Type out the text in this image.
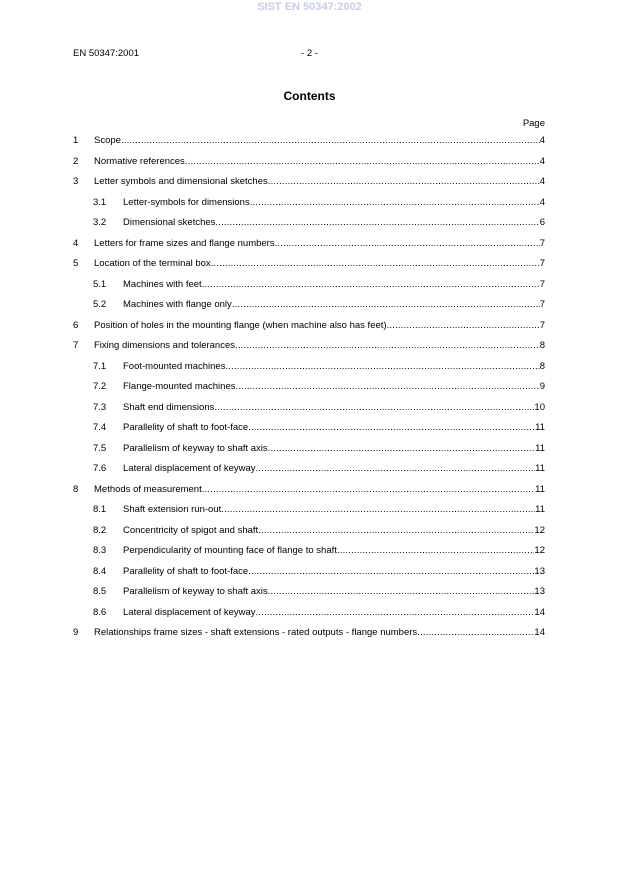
SIST EN 50347:2002
EN 50347:2001	- 2 -
Contents
Page
1 Scope .....	4
2 Normative references .....	4
3 Letter symbols and dimensional sketches .....	4
3.1 Letter-symbols for dimensions .....	4
3.2 Dimensional sketches .....	6
4 Letters for frame sizes and flange numbers .....	7
5 Location of the terminal box .....	7
5.1 Machines with feet .....	7
5.2 Machines with flange only .....	7
6 Position of holes in the mounting flange (when machine also has feet) .....	7
7 Fixing dimensions and tolerances .....	8
7.1 Foot-mounted machines .....	8
7.2 Flange-mounted machines .....	9
7.3 Shaft end dimensions .....	10
7.4 Parallelity of shaft to foot-face .....	11
7.5 Parallelism of keyway to shaft axis .....	11
7.6 Lateral displacement of keyway .....	11
8 Methods of measurement .....	11
8.1 Shaft extension run-out .....	11
8.2 Concentricity of spigot and shaft .....	12
8.3 Perpendicularity of mounting face of flange to shaft .....	12
8.4 Parallelity of shaft to foot-face .....	13
8.5 Parallelism of keyway to shaft axis .....	13
8.6 Lateral displacement of keyway .....	14
9 Relationships frame sizes - shaft extensions - rated outputs - flange numbers .....	14
